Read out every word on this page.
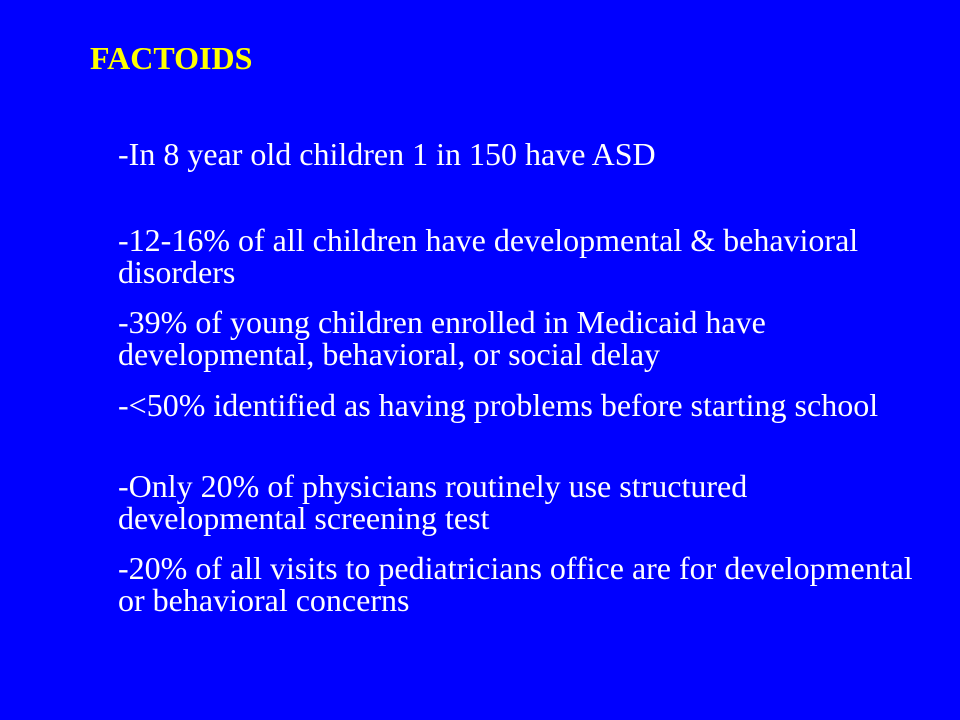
FACTOIDS
-In 8 year old children 1 in 150 have ASD
-12-16% of all children have developmental & behavioral disorders
-39% of young children enrolled in Medicaid have developmental, behavioral, or social delay
-<50% identified as having problems before starting school
-Only 20% of physicians routinely use structured developmental screening test
-20% of all visits to pediatricians office are for developmental or behavioral concerns
